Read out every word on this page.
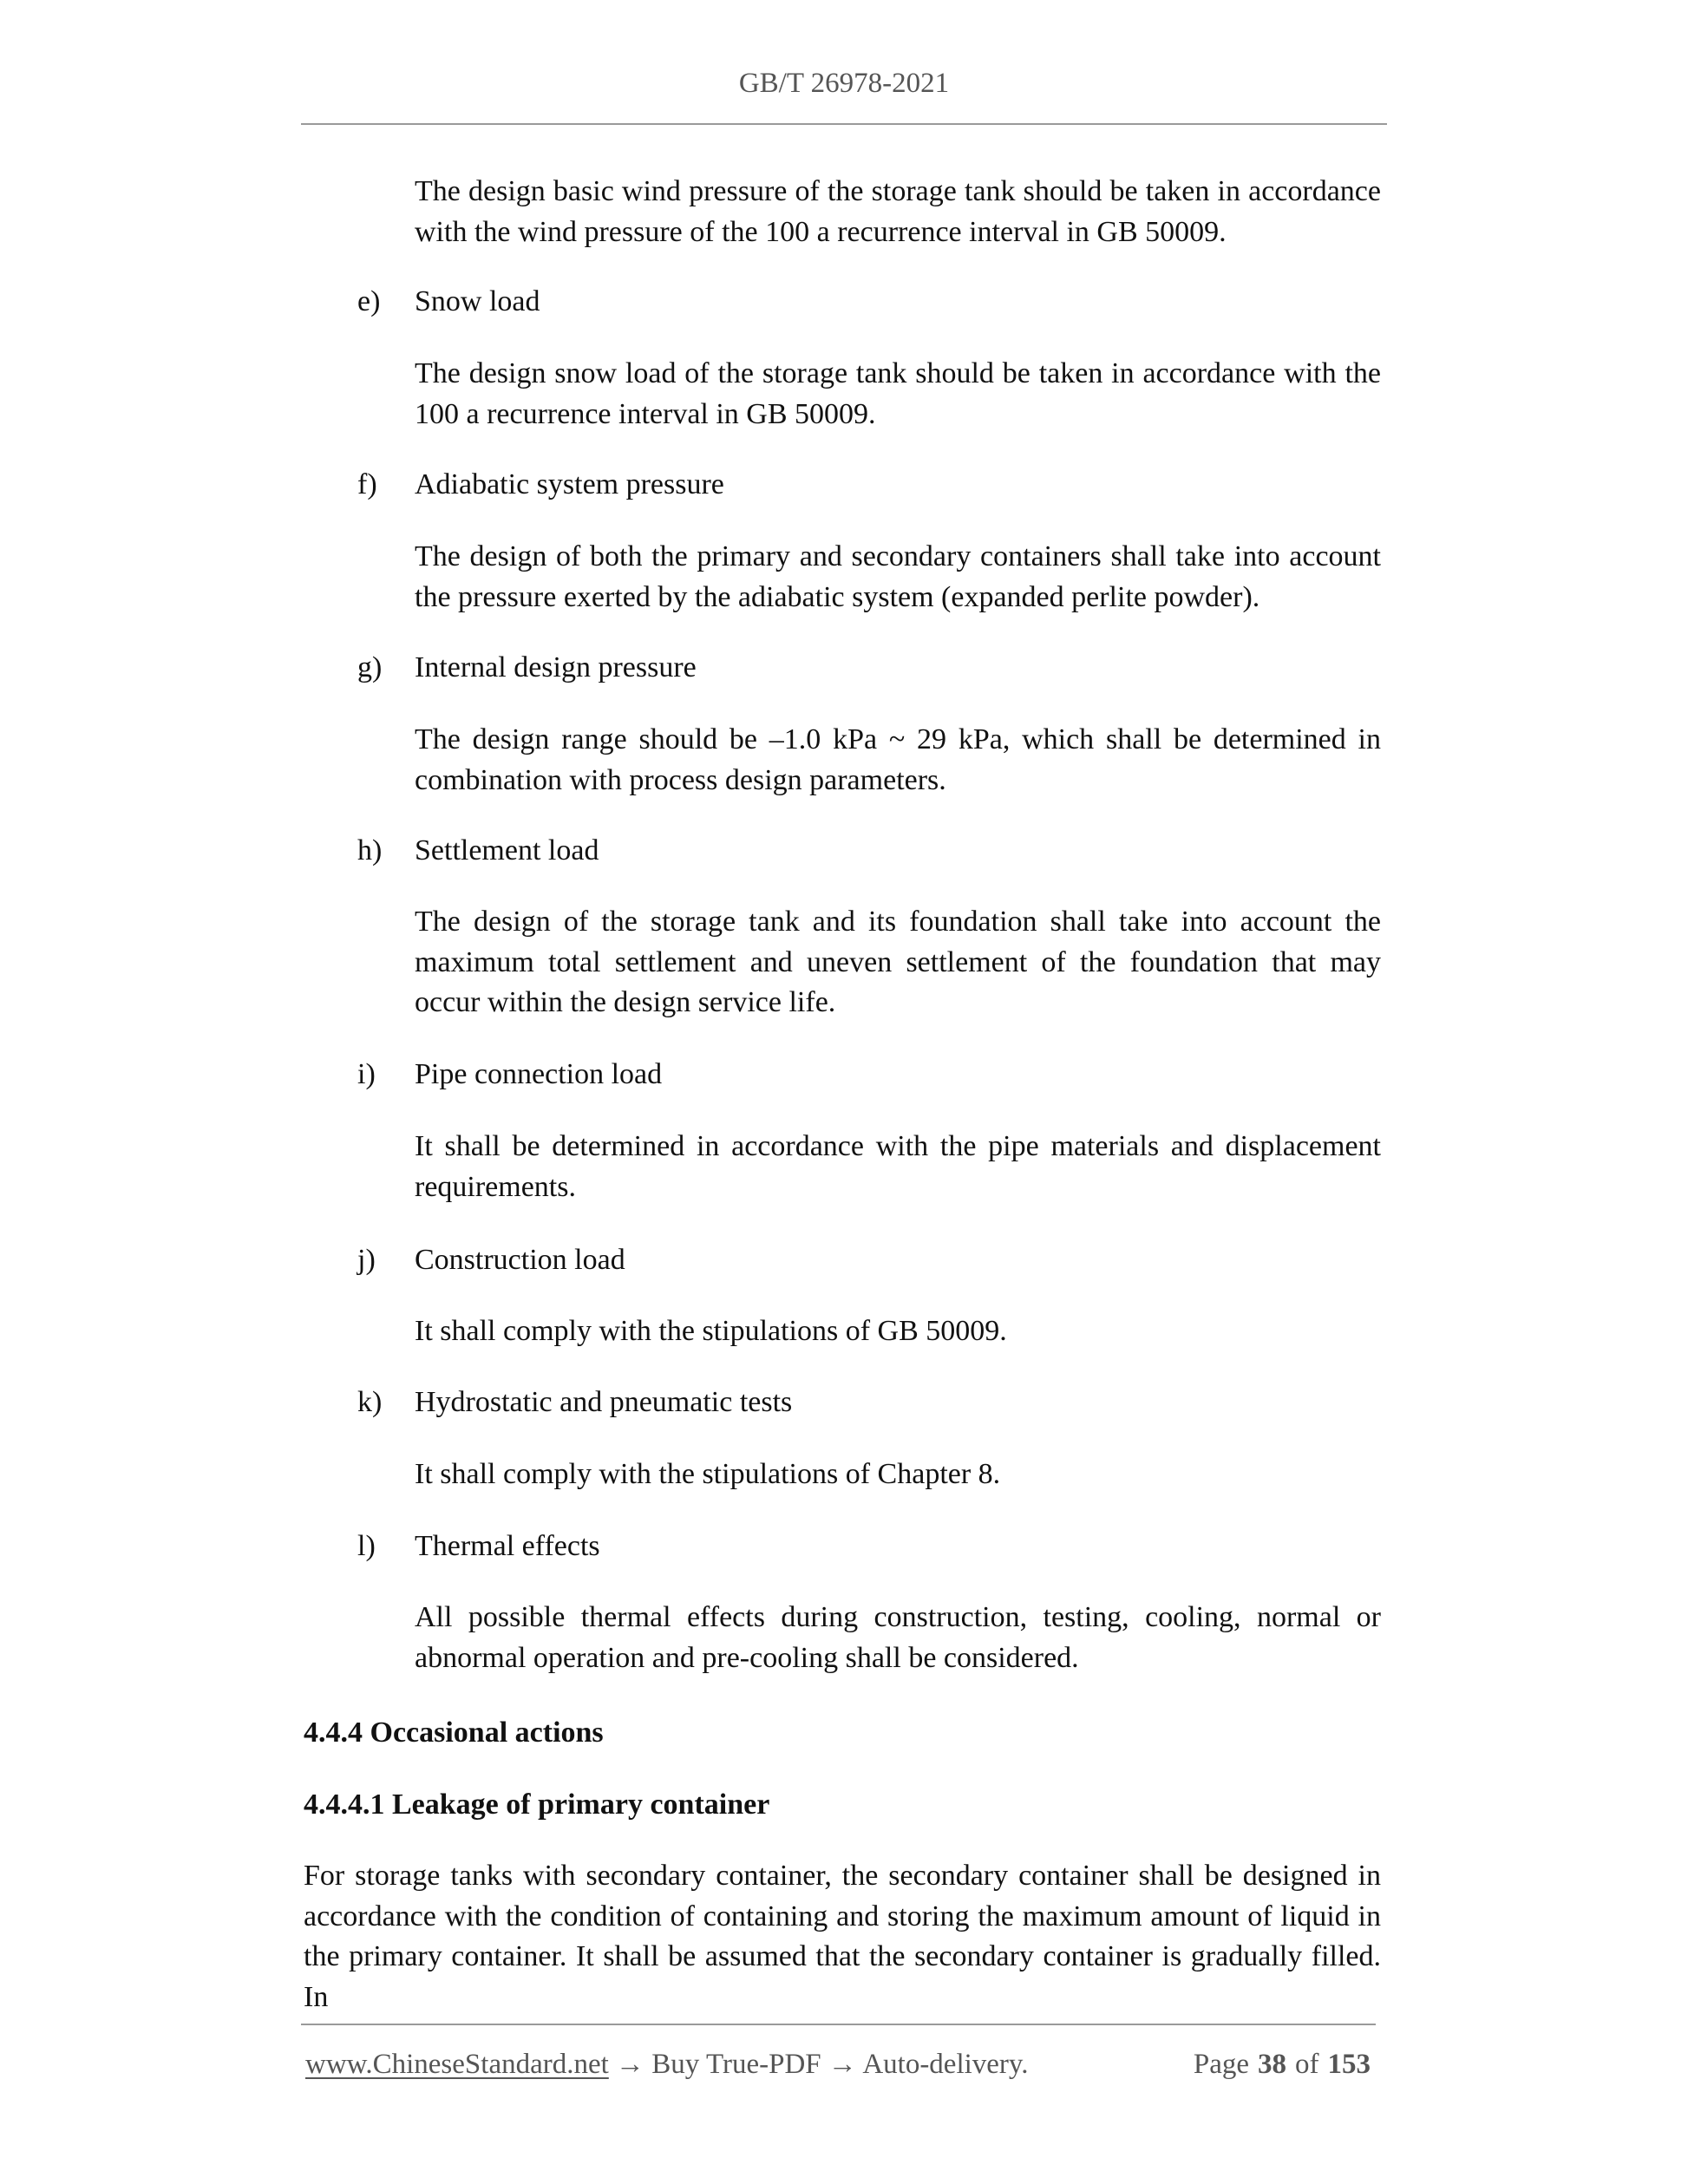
GB/T 26978-2021
The design basic wind pressure of the storage tank should be taken in accordance with the wind pressure of the 100 a recurrence interval in GB 50009.
e)	Snow load
The design snow load of the storage tank should be taken in accordance with the 100 a recurrence interval in GB 50009.
f)	Adiabatic system pressure
The design of both the primary and secondary containers shall take into account the pressure exerted by the adiabatic system (expanded perlite powder).
g)	Internal design pressure
The design range should be –1.0 kPa ~ 29 kPa, which shall be determined in combination with process design parameters.
h)	Settlement load
The design of the storage tank and its foundation shall take into account the maximum total settlement and uneven settlement of the foundation that may occur within the design service life.
i)	Pipe connection load
It shall be determined in accordance with the pipe materials and displacement requirements.
j)	Construction load
It shall comply with the stipulations of GB 50009.
k)	Hydrostatic and pneumatic tests
It shall comply with the stipulations of Chapter 8.
l)	Thermal effects
All possible thermal effects during construction, testing, cooling, normal or abnormal operation and pre-cooling shall be considered.
4.4.4 Occasional actions
4.4.4.1 Leakage of primary container
For storage tanks with secondary container, the secondary container shall be designed in accordance with the condition of containing and storing the maximum amount of liquid in the primary container. It shall be assumed that the secondary container is gradually filled. In
www.ChineseStandard.net → Buy True-PDF → Auto-delivery.	Page 38 of 153
